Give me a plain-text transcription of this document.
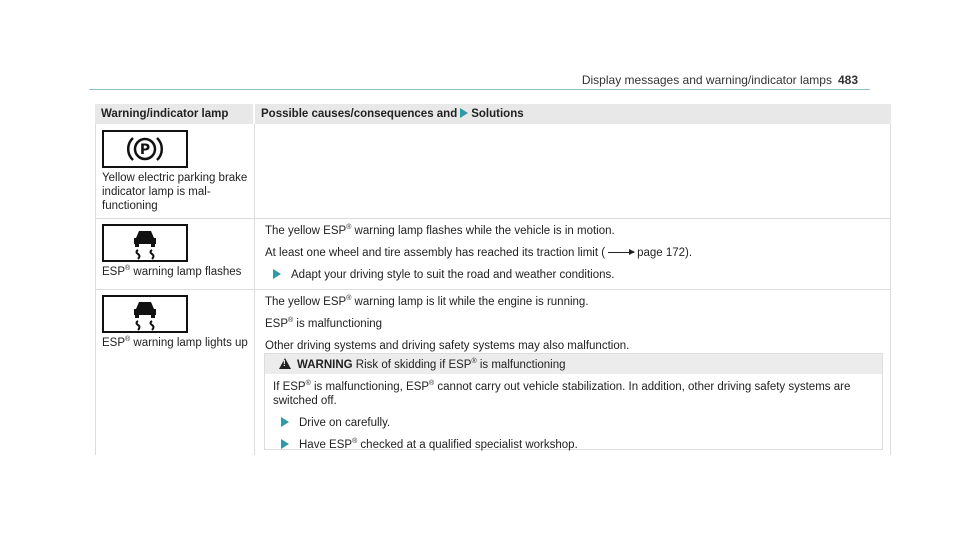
Display messages and warning/indicator lamps 483
Warning/indicator lamp	Possible causes/consequences and Solutions
P
Yellow electric parking brake indicator lamp is mal-functioning
ESP® warning lamp flashes
The yellow ESP® warning lamp flashes while the vehicle is in motion.
At least one wheel and tire assembly has reached its traction limit (	page 172).
Adapt your driving style to suit the road and weather conditions.
ESP® warning lamp lights up
The yellow ESP® warning lamp is lit while the engine is running.
ESP® is malfunctioning
Other driving systems and driving safety systems may also malfunction.
!WARNING Risk of skidding if ESP® is malfunctioning
If ESP® is malfunctioning, ESP® cannot carry out vehicle stabilization. In addition, other driving safety systems are switched off.
Drive on carefully.
Have ESP® checked at a qualified specialist workshop.
